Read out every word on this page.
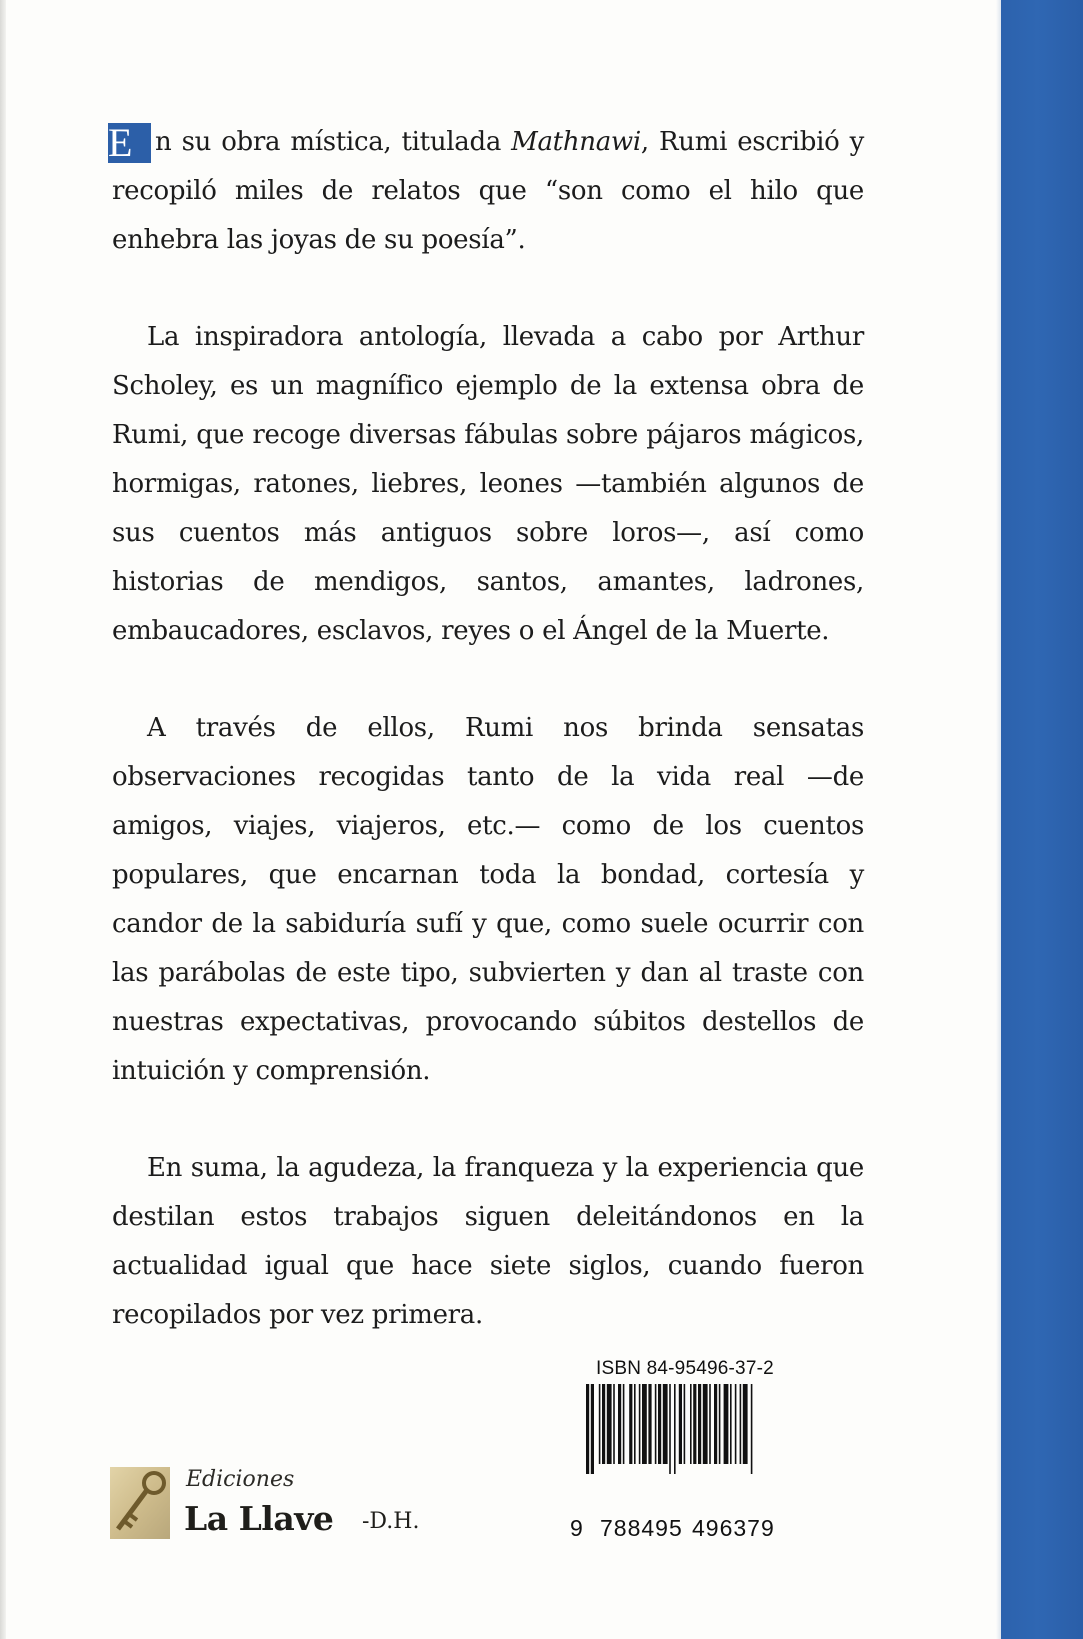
E n su obra mística, titulada Mathnawi, Rumi escribió y recopiló miles de relatos que “son como el hilo que enhebra las joyas de su poesía”.

La inspiradora antología, llevada a cabo por Arthur Scholey, es un magnífico ejemplo de la extensa obra de Rumi, que recoge diversas fábulas sobre pájaros mágicos, hormigas, ratones, liebres, leones —también algunos de sus cuentos más antiguos sobre loros—, así como historias de mendigos, santos, amantes, ladrones, embaucadores, esclavos, reyes o el Ángel de la Muerte.

A través de ellos, Rumi nos brinda sensatas observaciones recogidas tanto de la vida real —de amigos, viajes, viajeros, etc.— como de los cuentos populares, que encarnan toda la bondad, cortesía y candor de la sabiduría sufí y que, como suele ocurrir con las parábolas de este tipo, subvierten y dan al traste con nuestras expectativas, provocando súbitos destellos de intuición y comprensión.

En suma, la agudeza, la franqueza y la experiencia que destilan estos trabajos siguen deleitándonos en la actualidad igual que hace siete siglos, cuando fueron recopilados por vez primera.

Ediciones
La Llave -D.H.
ISBN 84-95496-37-2
9 788495 496379
